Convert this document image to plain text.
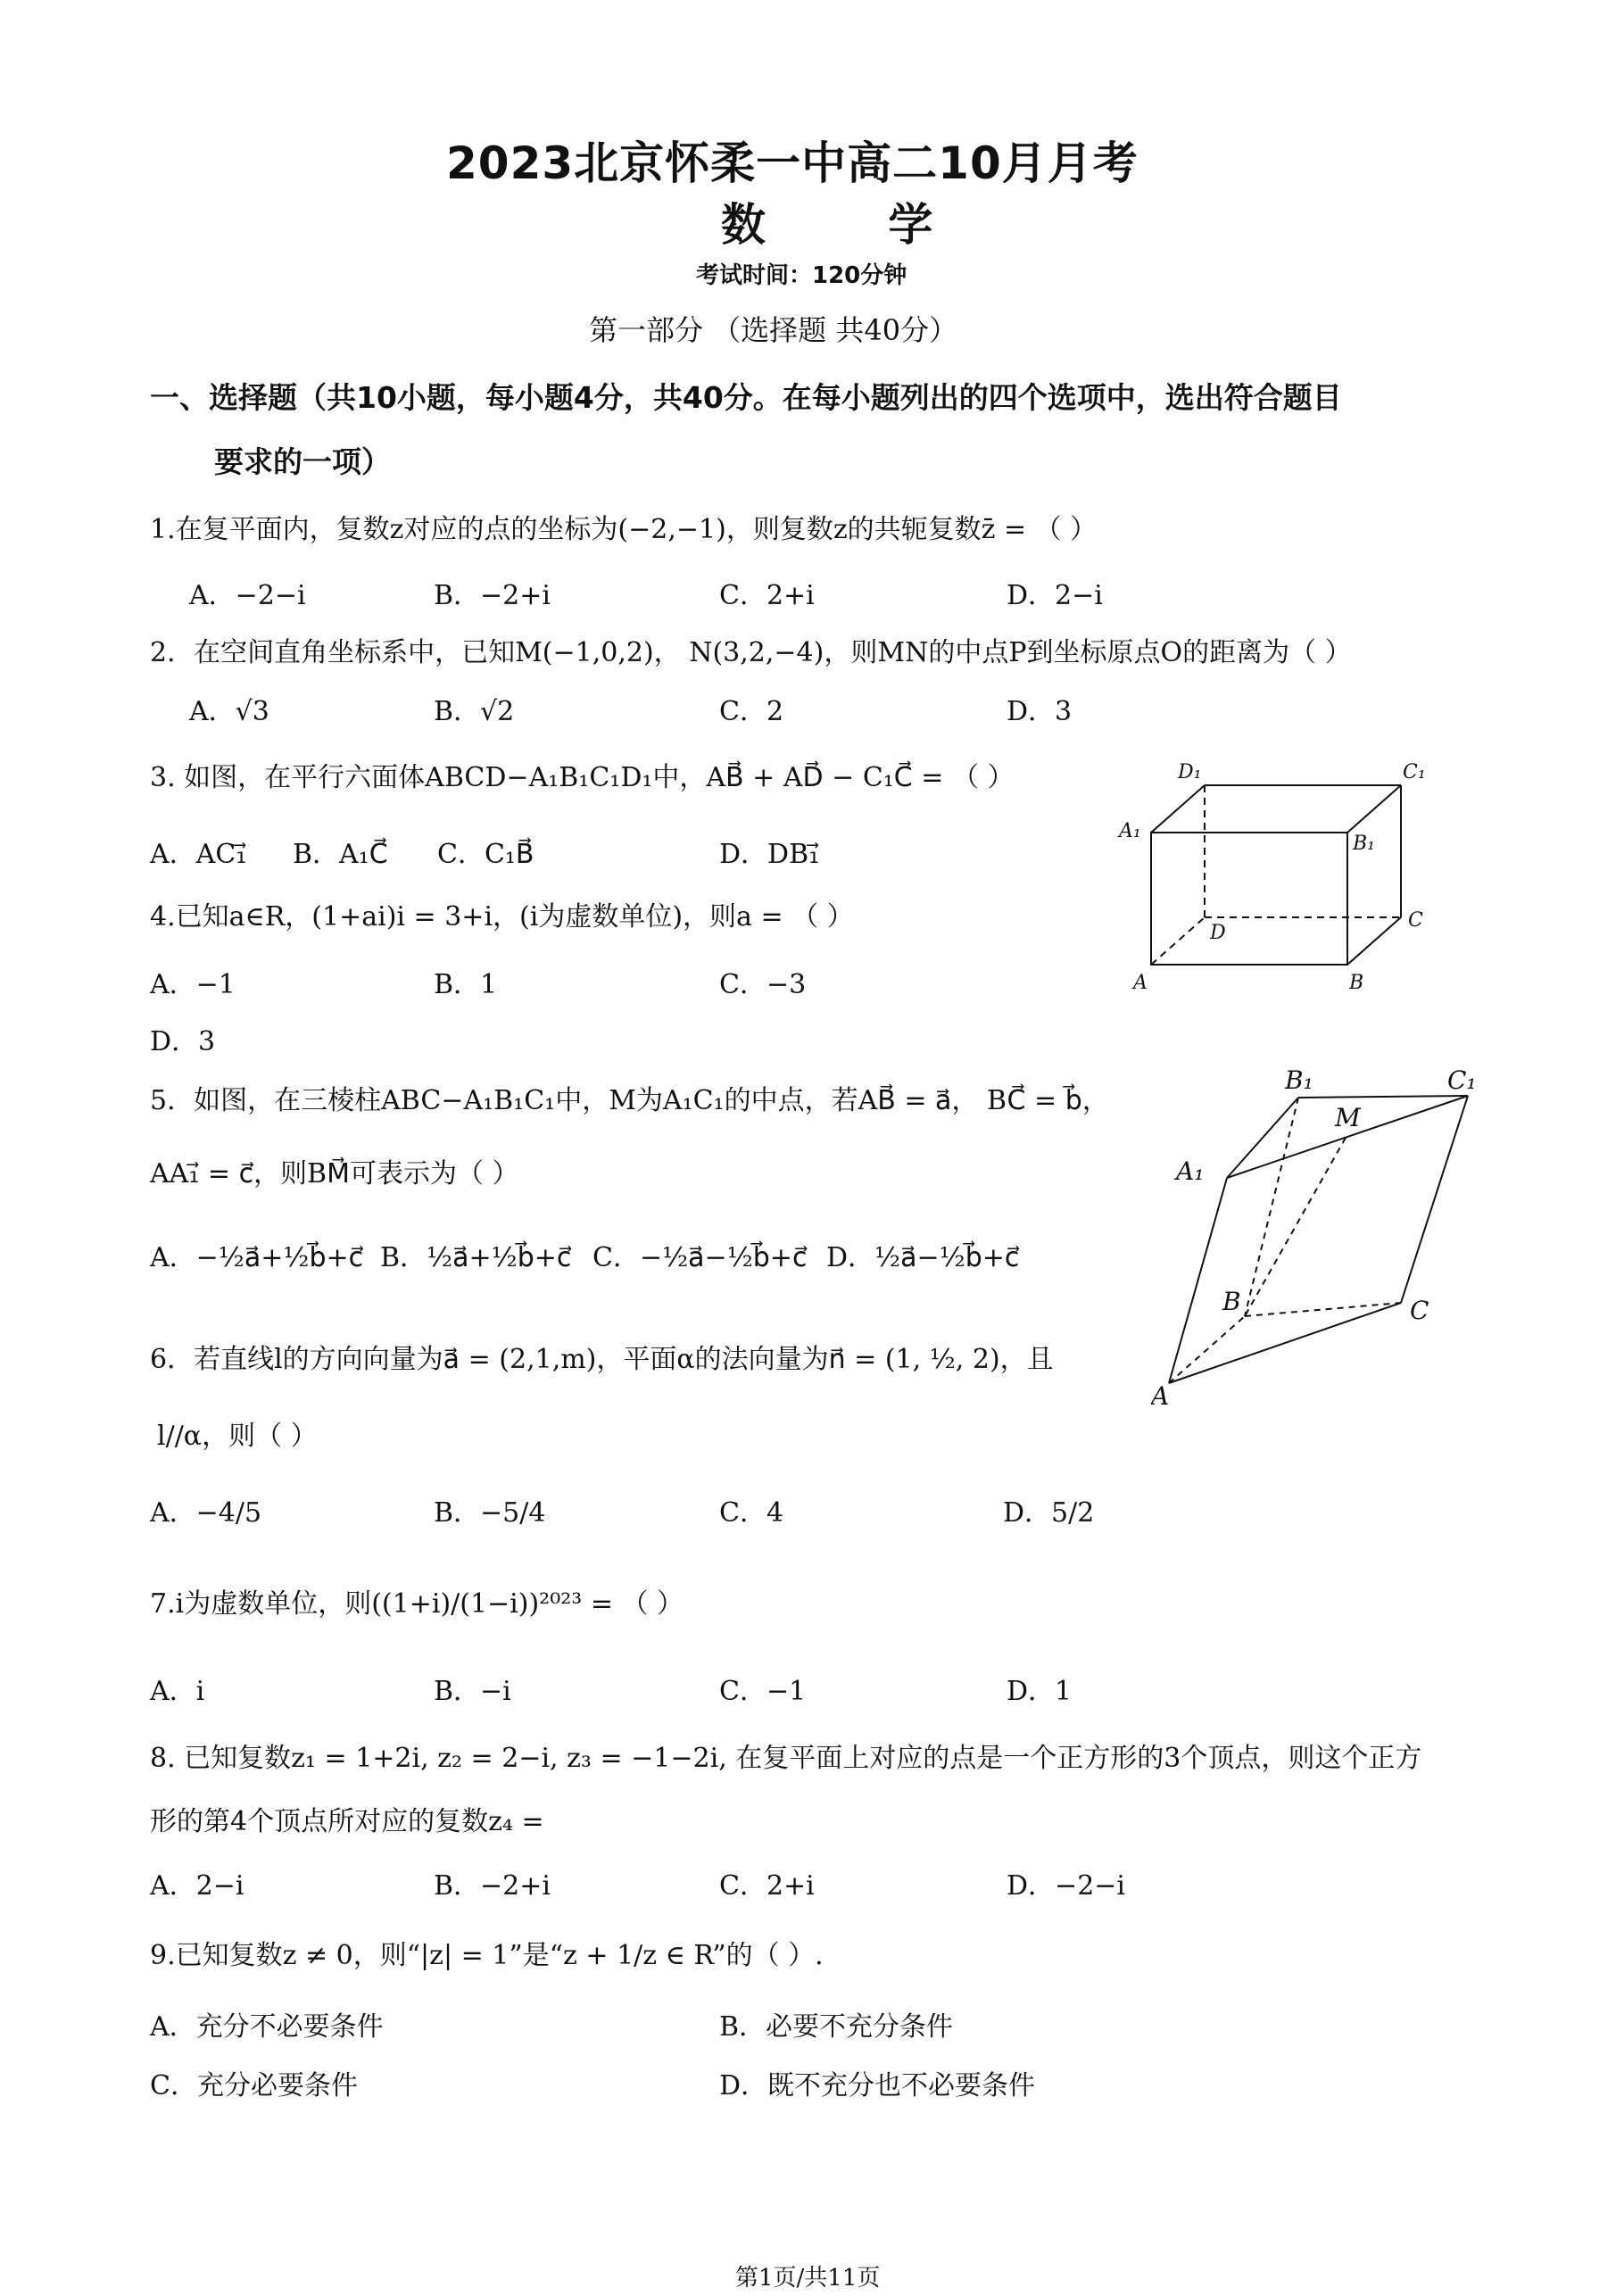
2023北京怀柔一中高二10月月考
数 学
考试时间：120分钟
第一部分 （选择题 共40分）
一、选择题（共10小题，每小题4分，共40分。在每小题列出的四个选项中，选出符合题目
要求的一项）
1.在复平面内，复数z对应的点的坐标为(−2,−1)，则复数z的共轭复数z̄ = （ ）
A．−2−i	B．−2+i	C．2+i	D．2−i
2．在空间直角坐标系中，已知M(−1,0,2)， N(3,2,−4)，则MN的中点P到坐标原点O的距离为（ ）
A．√3	B．√2	C．2	D．3
3. 如图，在平行六面体ABCD−A₁B₁C₁D₁中，AB⃗ + AD⃗ − C₁C⃗ = （ ）
A．AC₁⃗ B．A₁C⃗ C．C₁B⃗	D．DB₁⃗
D₁	C₁
A₁
B₁
D
C
A	B
4.已知a∈R，(1+ai)i = 3+i，(i为虚数单位)，则a = （ ）
A．−1	B．1	C．−3
D．3
5．如图，在三棱柱ABC−A₁B₁C₁中，M为A₁C₁的中点，若AB⃗ = a⃗， BC⃗ = b⃗，
AA₁⃗ = c⃗，则BM⃗可表示为（ ）
A．−½a⃗+½b⃗+c⃗ B．½a⃗+½b⃗+c⃗ C．−½a⃗−½b⃗+c⃗ D．½a⃗−½b⃗+c⃗
B₁	C₁
M
A₁
B	C
A
6．若直线l的方向向量为a⃗ = (2,1,m)，平面α的法向量为n⃗ = (1, ½, 2)，且
l//α，则（ ）
A．−4/5	B．−5/4	C．4	D．5/2
7.i为虚数单位，则((1+i)/(1−i))²⁰²³ = （ ）
A．i	B．−i	C．−1	D．1
8. 已知复数z₁ = 1+2i, z₂ = 2−i, z₃ = −1−2i, 在复平面上对应的点是一个正方形的3个顶点，则这个正方
形的第4个顶点所对应的复数z₄ =
A．2−i	B．−2+i	C．2+i	D．−2−i
9.已知复数z ≠ 0，则“|z| = 1”是“z + 1/z ∈ R”的（ ）.
A．充分不必要条件	B．必要不充分条件
C．充分必要条件	D．既不充分也不必要条件
第1页/共11页
